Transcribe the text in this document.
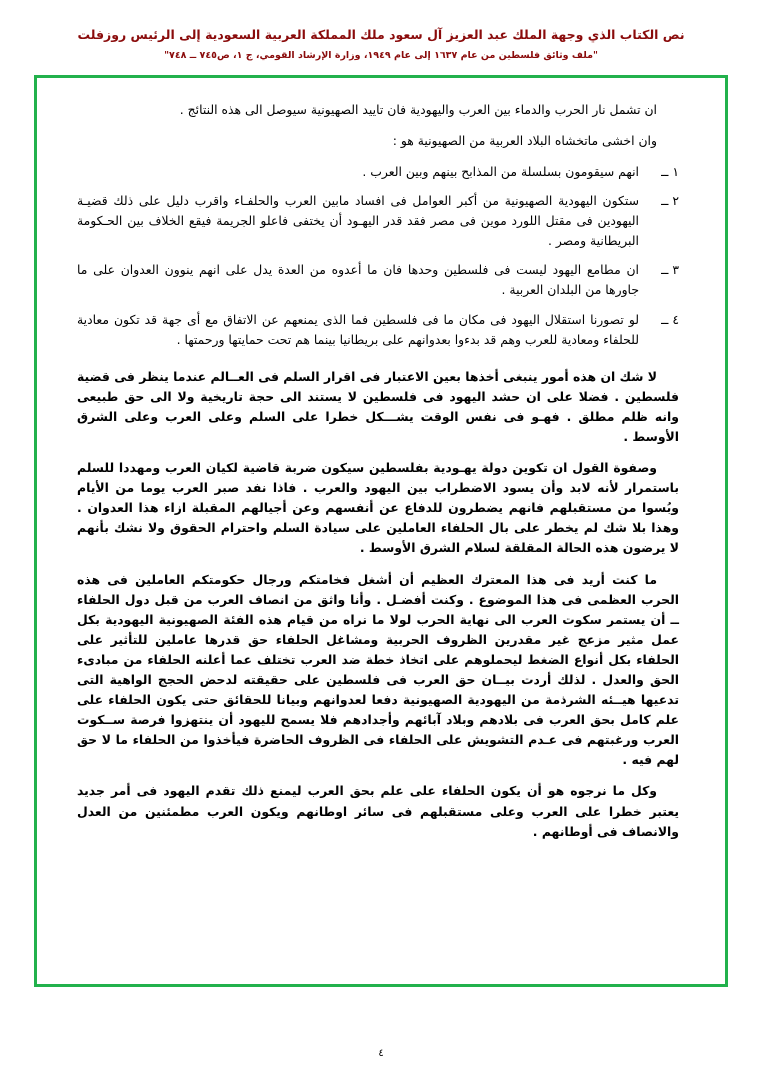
نص الكتاب الذي وجهة الملك عبد العزيز آل سعود ملك المملكة العربية السعودية إلى الرئيس روزفلت
"ملف وثائق فلسطين من عام ١٦٣٧ إلى عام ١٩٤٩، وزارة الإرشاد القومي، ج ١، ص٧٤٥ ــ ٧٤٨"

ان تشمل نار الحرب والدماء بين العرب واليهودية فان تاييد الصهيونية سيوصل الى هذه النتائج .

وان اخشى ماتخشاه البلاد العربية من الصهيونية هو :

١ ــ
انهم سيقومون بسلسلة من المذابح بينهم وبين العرب .
٢ ــ
ستكون اليهودية الصهيونية من أكبر العوامل فى افساد مابين العرب والحلفـاء واقرب دليل على ذلك قضيـة اليهودين فى مقتل اللورد موين فى مصر فقد قدر اليهـود أن يختفى فاعلو الجريمة فيقع الخلاف بين الحـكومة البريطانية ومصر .
٣ ــ
ان مطامع اليهود ليست فى فلسطين وحدها فان ما أعدوه من العدة يدل على انهم ينوون العدوان على ما جاورها من البلدان العربية .
٤ ــ
لو تصورنا استقلال اليهود فى مكان ما فى فلسطين فما الذى يمنعهم عن الاتفاق مع أى جهة قد تكون معادية للحلفاء ومعادية للعرب وهم قد بدءوا بعدوانهم على بريطانيا بينما هم تحت حمايتها ورحمتها .

لا شك ان هذه أمور ينبغى أخذها بعين الاعتبار فى اقرار السلم فى العــالم عندما ينظر فى قضية فلسطين . فضلا على ان حشد اليهود فى فلسطين لا يستند الى حجة تاريخية ولا الى حق طبيعى وانه ظلم مطلق . فهـو فى نفس الوقت يشـــكل خطرا على السلم وعلى العرب وعلى الشرق الأوسط .

وصفوة القول ان تكوين دولة يهـودية بفلسطين سيكون ضربة قاضية لكيان العرب ومهددا للسلم باستمرار لأنه لابد وأن يسود الاضطراب بين اليهود والعرب . فاذا نفد صبر العرب يوما من الأيام وبُسوا من مستقبلهم فانهم يضطرون للدفاع عن أنفسهم وعن أجيالهم المقبلة ازاء هذا العدوان . وهذا بلا شك لم يخطر على بال الحلفاء العاملين على سيادة السلم واحترام الحقوق ولا نشك بأنهم لا يرضون هذه الحالة المقلقة لسلام الشرق الأوسط .

ما كنت أريد فى هذا المعترك العظيم أن أشغل فخامتكم ورجال حكومتكم العاملين فى هذه الحرب العظمى فى هذا الموضوع . وكنت أفضـل . وأنا واثق من انصاف العرب من قبل دول الحلفاء ــ أن يستمر سكوت العرب الى نهاية الحرب لولا ما نراه من قيام هذه الفئة الصهيونية اليهودية بكل عمل مثير مزعج غير مقدرين الظروف الحربية ومشاغل الحلفاء حق قدرها عاملين للتأثير على الحلفاء بكل أنواع الضغط ليحملوهم على اتخاذ خطة ضد العرب تختلف عما أعلنه الحلفاء من مبادىء الحق والعدل . لذلك أردت بيــان حق العرب فى فلسطين على حقيقته لدحض الحجج الواهية التى تدعيها هيــئه الشرذمة من اليهودية الصهيونية دفعا لعدوانهم وبيانا للحقائق حتى يكون الحلفاء على علم كامل بحق العرب فى بلادهم وبلاد آبائهم وأجدادهم فلا يسمح لليهود أن ينتهزوا فرصة ســكوت العرب ورغبتهم فى عـدم التشويش على الحلفاء فى الظروف الحاضرة فيأخذوا من الحلفاء ما لا حق لهم فيه .

وكل ما نرجوه هو أن يكون الحلفاء على علم بحق العرب ليمنع ذلك تقدم اليهود فى أمر جديد يعتبر خطرا على العرب وعلى مستقبلهم فى سائر اوطانهم ويكون العرب مطمئنين من العدل والانصاف فى أوطانهم .

٤
